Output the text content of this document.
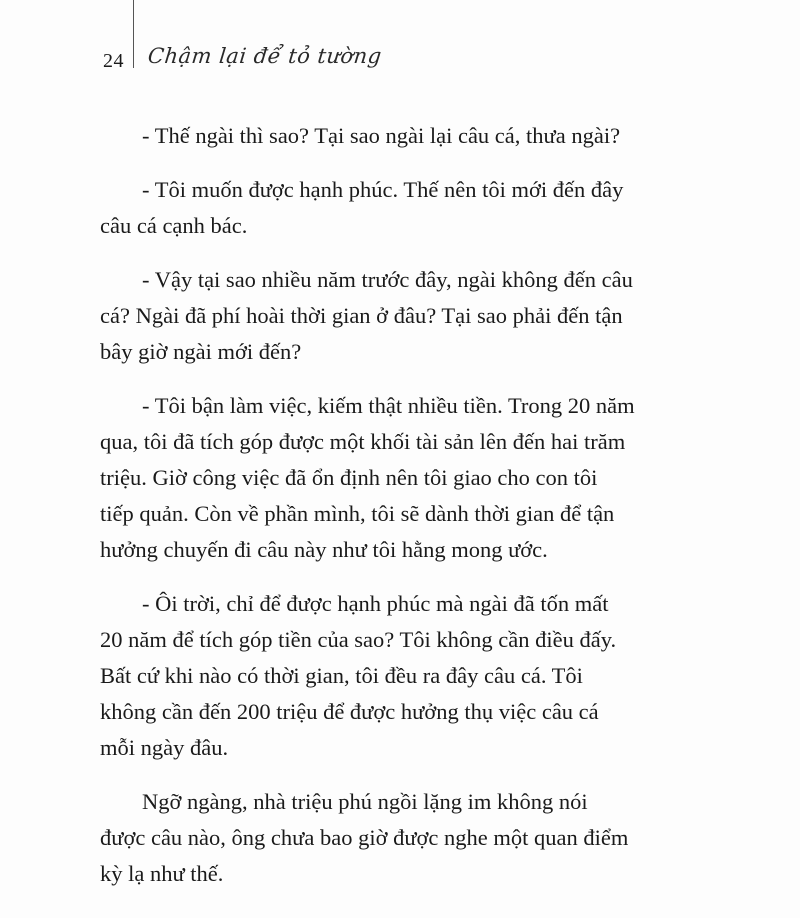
24 Chậm lại để tỏ tường
- Thế ngài thì sao? Tại sao ngài lại câu cá, thưa ngài?
- Tôi muốn được hạnh phúc. Thế nên tôi mới đến đây
câu cá cạnh bác.
- Vậy tại sao nhiều năm trước đây, ngài không đến câu
cá? Ngài đã phí hoài thời gian ở đâu? Tại sao phải đến tận
bây giờ ngài mới đến?
- Tôi bận làm việc, kiếm thật nhiều tiền. Trong 20 năm
qua, tôi đã tích góp được một khối tài sản lên đến hai trăm
triệu. Giờ công việc đã ổn định nên tôi giao cho con tôi
tiếp quản. Còn về phần mình, tôi sẽ dành thời gian để tận
hưởng chuyến đi câu này như tôi hằng mong ước.
- Ôi trời, chỉ để được hạnh phúc mà ngài đã tốn mất
20 năm để tích góp tiền của sao? Tôi không cần điều đấy.
Bất cứ khi nào có thời gian, tôi đều ra đây câu cá. Tôi
không cần đến 200 triệu để được hưởng thụ việc câu cá
mỗi ngày đâu.
Ngỡ ngàng, nhà triệu phú ngồi lặng im không nói
được câu nào, ông chưa bao giờ được nghe một quan điểm
kỳ lạ như thế.
